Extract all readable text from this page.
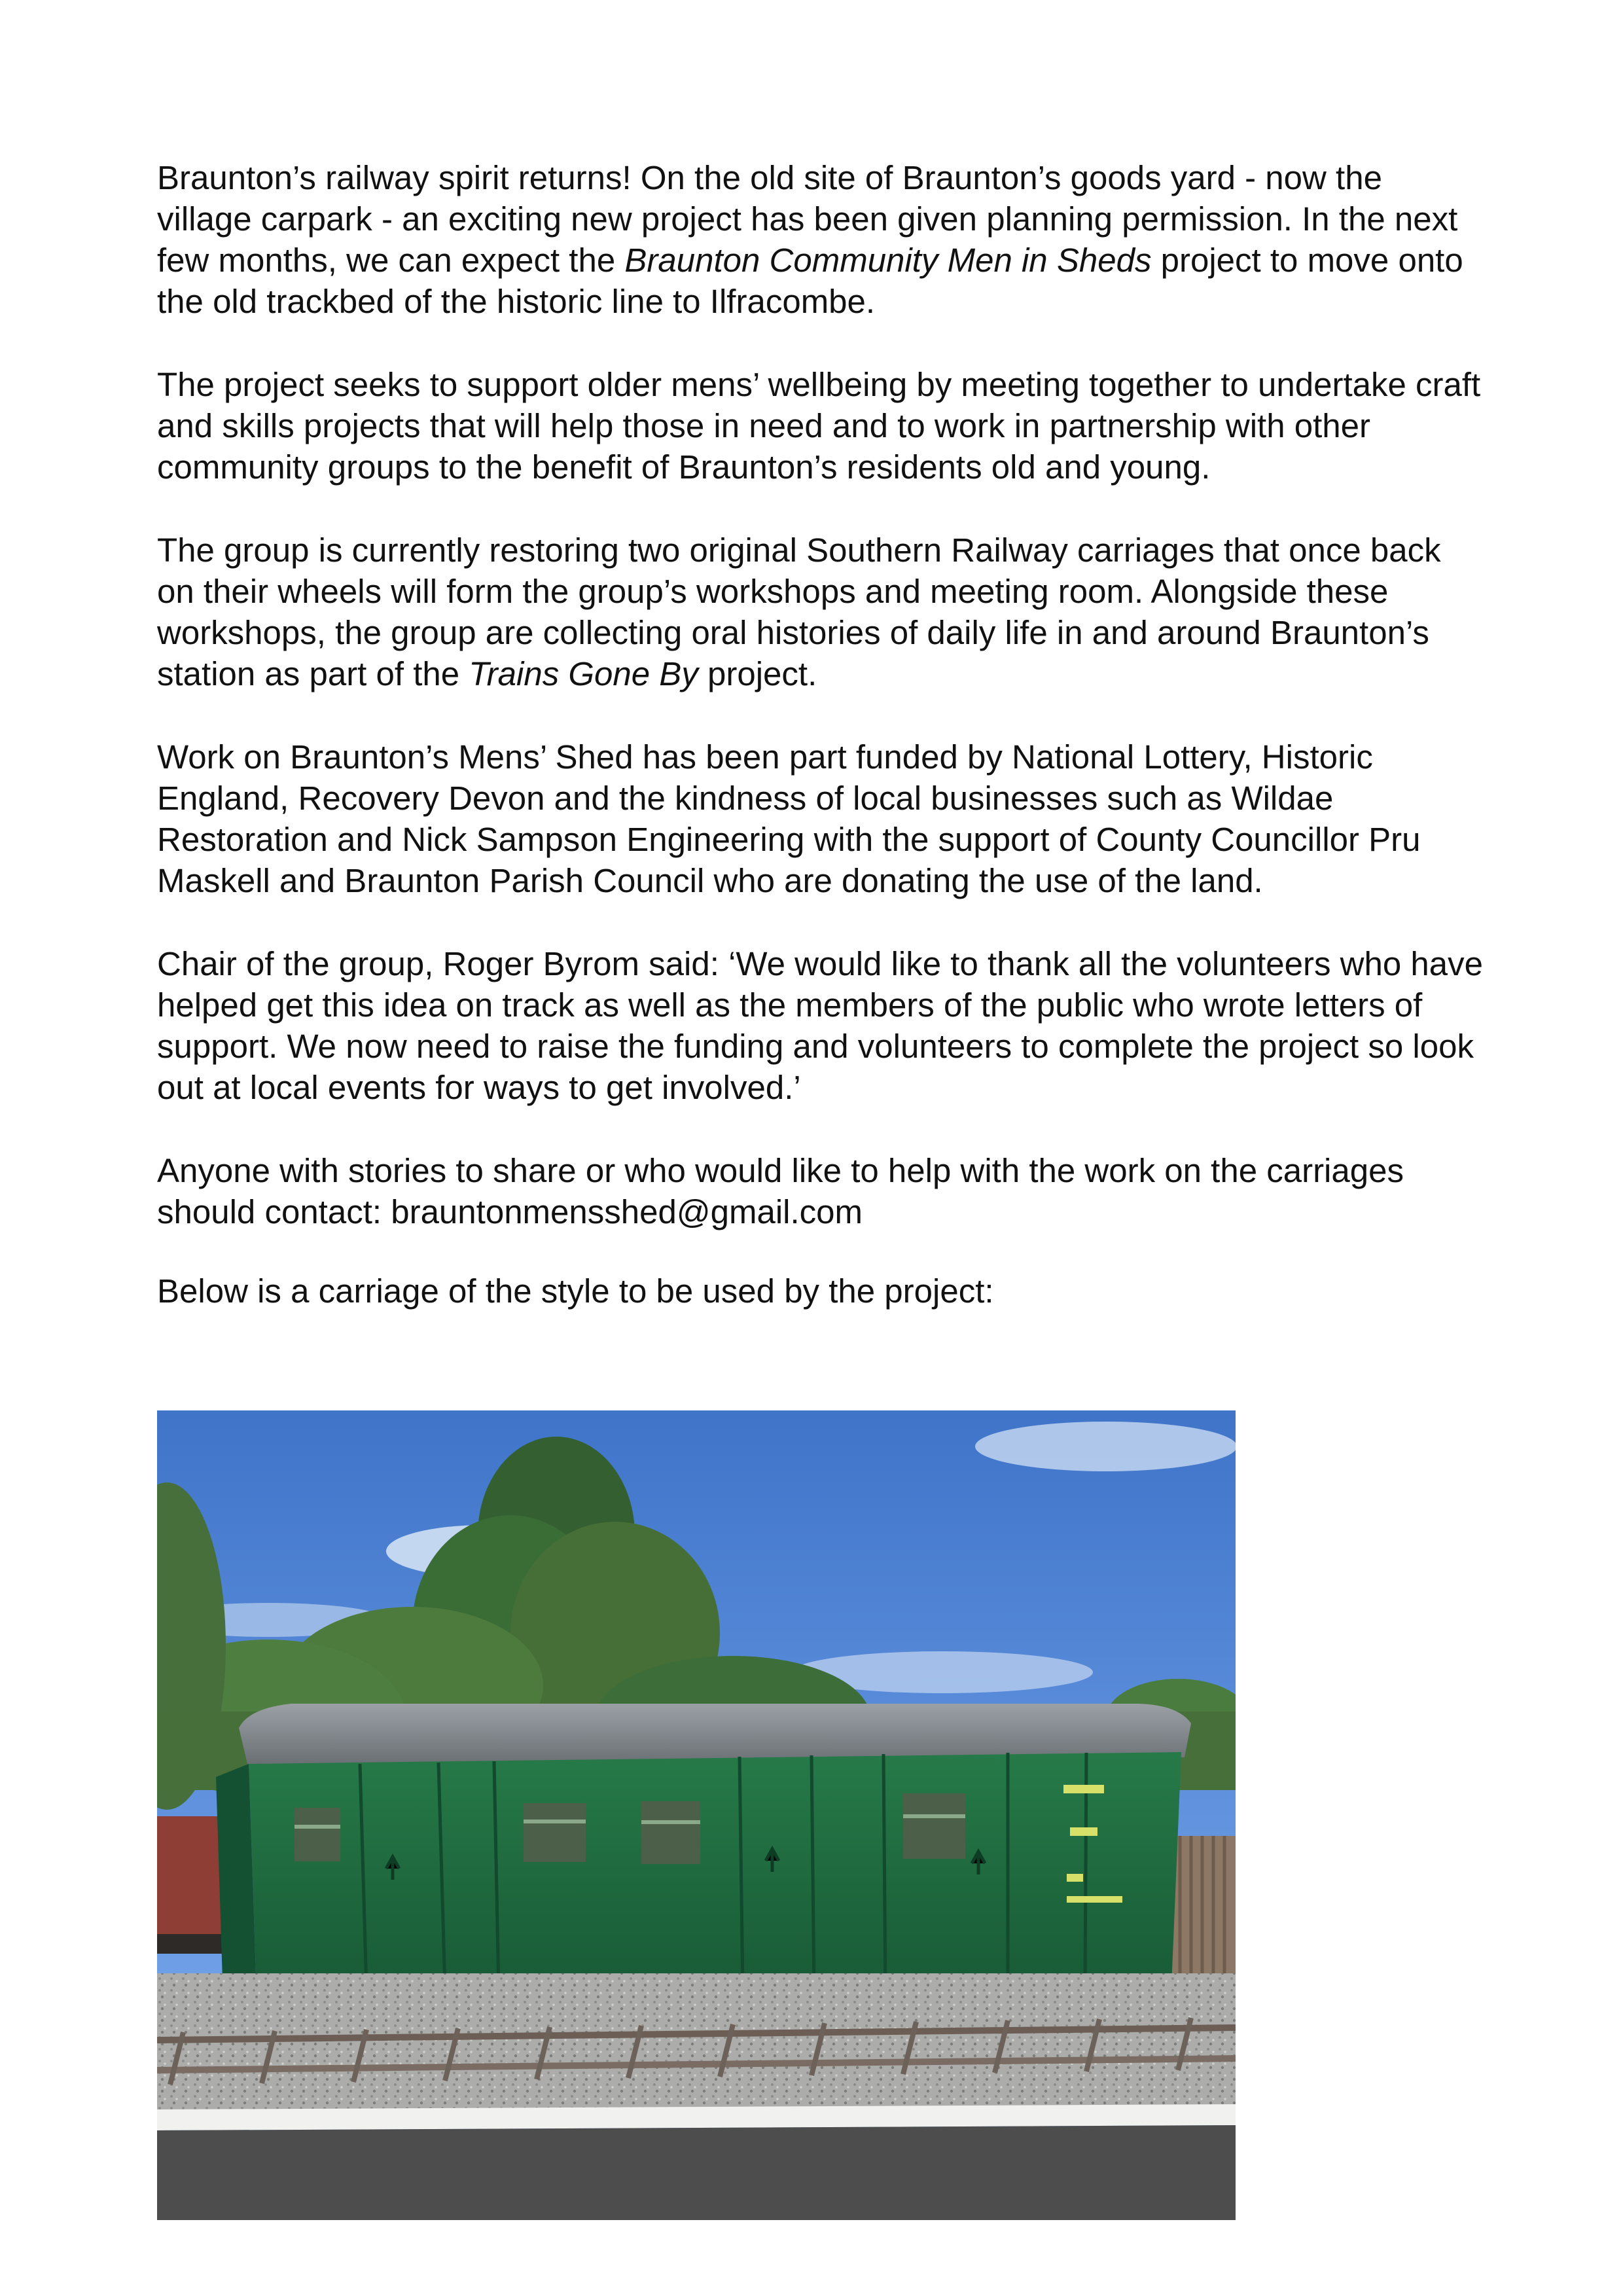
Braunton’s railway spirit returns! On the old site of Braunton’s goods yard - now the village carpark - an exciting new project has been given planning permission. In the next few months, we can expect the Braunton Community Men in Sheds project to move onto the old trackbed of the historic line to Ilfracombe.

The project seeks to support older mens’ wellbeing by meeting together to undertake craft and skills projects that will help those in need and to work in partnership with other community groups to the benefit of Braunton’s residents old and young.

The group is currently restoring two original Southern Railway carriages that once back on their wheels will form the group’s workshops and meeting room. Alongside these workshops, the group are collecting oral histories of daily life in and around Braunton’s station as part of the Trains Gone By project.

Work on Braunton’s Mens’ Shed has been part funded by National Lottery, Historic England, Recovery Devon and the kindness of local businesses such as Wildae Restoration and Nick Sampson Engineering with the support of County Councillor Pru Maskell and Braunton Parish Council who are donating the use of the land.

Chair of the group, Roger Byrom said: ‘We would like to thank all the volunteers who have helped get this idea on track as well as the members of the public who wrote letters of support. We now need to raise the funding and volunteers to complete the project so look out at local events for ways to get involved.’

Anyone with stories to share or who would like to help with the work on the carriages should contact: brauntonmensshed@gmail.com

Below is a carriage of the style to be used by the project:
